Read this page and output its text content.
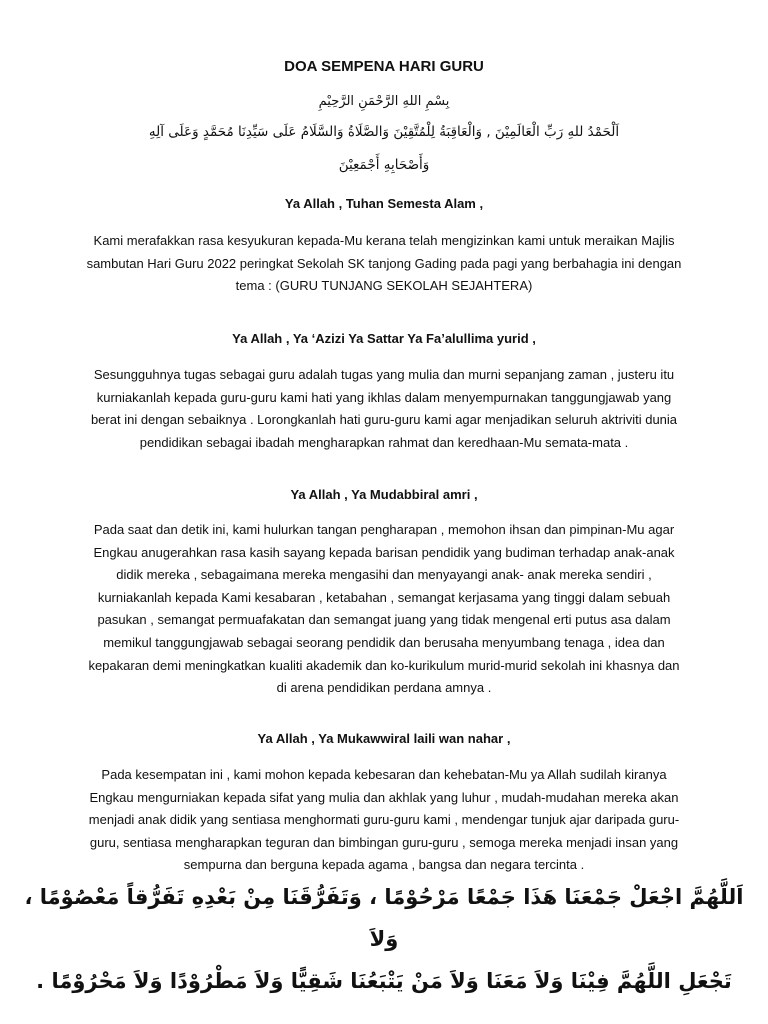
DOA SEMPENA HARI GURU
بِسْمِ اللهِ الرَّحْمَنِ الرَّحِيْمِ
اَلْحَمْدُ للهِ رَبِّ الْعَالَمِيْنَ , وَالْعَاقِبَةُ لِلْمُتَّقِيْنَ وَالصَّلَاةُ وَالسَّلَامُ عَلَى سَيِّدِنَا مُحَمَّدٍ وَعَلَى آلِهِ
وَأَصْحَابِهِ أَجْمَعِيْنَ
Ya Allah , Tuhan Semesta Alam ,

Kami merafakkan rasa kesyukuran kepada-Mu kerana telah mengizinkan kami untuk meraikan Majlis

sambutan Hari Guru 2022 peringkat Sekolah SK tanjong Gading pada pagi yang berbahagia ini dengan

tema : (GURU TUNJANG SEKOLAH SEJAHTERA)

Ya Allah , Ya ‘Azizi Ya Sattar Ya Fa’alullima yurid ,

Sesungguhnya tugas sebagai guru adalah tugas yang mulia dan murni sepanjang zaman , justeru itu

kurniakanlah kepada guru-guru kami hati yang ikhlas dalam menyempurnakan tanggungjawab yang

berat ini dengan sebaiknya . Lorongkanlah hati guru-guru kami agar menjadikan seluruh aktriviti dunia

pendidikan sebagai ibadah mengharapkan rahmat dan keredhaan-Mu semata-mata .

Ya Allah , Ya Mudabbiral amri ,

Pada saat dan detik ini, kami hulurkan tangan pengharapan , memohon ihsan dan pimpinan-Mu agar

Engkau anugerahkan rasa kasih sayang kepada barisan pendidik yang budiman terhadap anak-anak

didik mereka , sebagaimana mereka mengasihi dan menyayangi anak- anak mereka sendiri ,

kurniakanlah kepada Kami kesabaran , ketabahan , semangat kerjasama yang tinggi dalam sebuah

pasukan , semangat permuafakatan dan semangat juang yang tidak mengenal erti putus asa dalam

memikul tanggungjawab sebagai seorang pendidik dan berusaha menyumbang tenaga , idea dan

kepakaran demi meningkatkan kualiti akademik dan ko-kurikulum murid-murid sekolah ini khasnya dan

di arena pendidikan perdana amnya .

Ya Allah , Ya Mukawwiral laili wan nahar ,

Pada kesempatan ini , kami mohon kepada kebesaran dan kehebatan-Mu ya Allah sudilah kiranya

Engkau mengurniakan kepada sifat yang mulia dan akhlak yang luhur , mudah-mudahan mereka akan

menjadi anak didik yang sentiasa menghormati guru-guru kami , mendengar tunjuk ajar daripada guru-

guru, sentiasa mengharapkan teguran dan bimbingan guru-guru , semoga mereka menjadi insan yang

sempurna dan berguna kepada agama , bangsa dan negara tercinta .

اَللَّهُمَّ اجْعَلْ جَمْعَنَا هَذَا جَمْعًا مَرْحُوْمًا ، وَتَفَرُّقَنَا مِنْ بَعْدِهِ تَفَرُّقاً مَعْصُوْمًا ، وَلاَ
تَجْعَلِ اللَّهُمَّ فِيْنَا وَلاَ مَعَنَا وَلاَ مَنْ يَتْبَعُنَا شَقِيًّا وَلاَ مَطْرُوْدًا وَلاَ مَحْرُوْمًا .
